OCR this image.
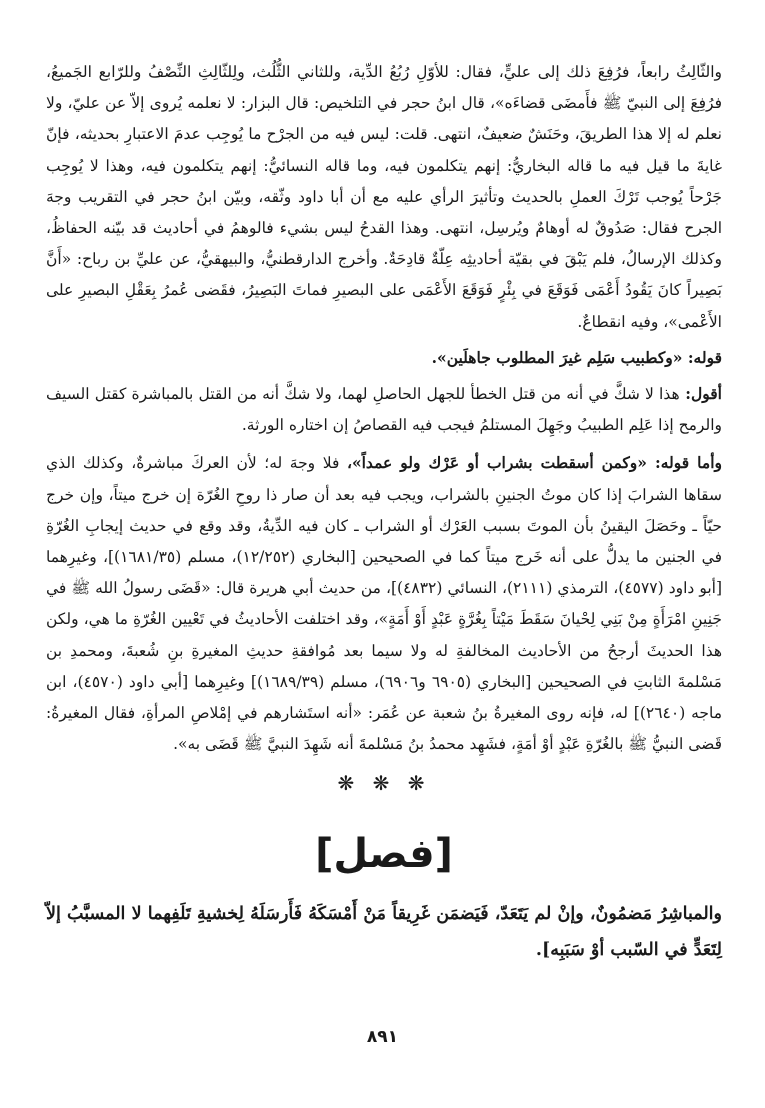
والثّالِثُ رابعاً، فرُفِعَ ذلك إلى عليٍّ، فقال: للأوّلِ رُبُعُ الدِّية، وللثاني الثُّلُث، ولِلثّالِثِ النِّصْفُ وللرّابع الجَميعُ، فرُفِعَ إلى النبيّ ﷺ فأَمضَى قضاءَه»، قال ابنُ حجر في التلخيص: قال البزار: لا نعلمه يُروى إلاّ عن عليّ، ولا نعلم له إلا هذا الطريقَ، وحَنَشٌ ضعيفٌ، انتهى. قلت: ليس فيه من الجرْح ما يُوجِب عدمَ الاعتبارِ بحديثه، فإنّ غايةَ ما قيل فيه ما قاله البخاريُّ: إنهم يتكلمون فيه، وما قاله النسائيُّ: إنهم يتكلمون فيه، وهذا لا يُوجِب جَرْحاً يُوجب تَرْكَ العملِ بالحديث وتأثيرَ الرأي عليه مع أن أبا داود وثّقه، وبيّن ابنُ حجر في التقريب وجهَ الجرح فقال: صَدُوقٌ له أوهامٌ ويُرسِل، انتهى. وهذا القدحُ ليس بشيء فالوهمُ في أحاديث قد بيّنه الحفاظُ، وكذلك الإرسالُ، فلم يَبْقَ في بقيّة أحاديثِه عِلّةٌ قادِحَةٌ. وأخرج الدارقطنيُّ، والبيهقيُّ، عن عليِّ بن رباح: «أَنَّ بَصِيراً كانَ يَقُودُ أَعْمَى فَوَقَعَ في بِئْرٍ فَوَقَعَ الأَعْمَى على البصيرِ فماتَ البَصِيرُ، فقَضى عُمرُ بِعَقْلِ البصيرِ على الأَعْمى»، وفيه انقطاعٌ.

قوله: «وكطبيب سَلِم غيرَ المطلوب جاهلَين».

أقول: هذا لا شكَّ في أنه من قتل الخطأ للجهل الحاصلِ لهما، ولا شكَّ أنه من القتل بالمباشرة كقتل السيف والرمح إذا عَلِم الطبيبُ وجَهِلَ المستلمُ فيجب فيه القصاصُ إن اختاره الورثة.

وأما قوله: «وكمن أسقطت بشراب أو عَرْك ولو عمداً»، فلا وجهَ له؛ لأن العركَ مباشرةٌ، وكذلك الذي سقاها الشرابَ إذا كان موتُ الجنينِ بالشراب، ويجب فيه بعد أن صار ذا روحِ الغُرّة إن خرج ميتاً، وإن خرج حيّاً ـ وحَصَلَ اليقينُ بأن الموتَ بسبب العَرْك أو الشراب ـ كان فيه الدِّيةُ، وقد وقع في حديث إيجابِ الغُرّةِ في الجنين ما يدلُّ على أنه خَرج ميتاً كما في الصحيحين [البخاري (١٢/٢٥٢)، مسلم (١٦٨١/٣٥)]، وغيرِهما [أبو داود (٤٥٧٧)، الترمذي (٢١١١)، النسائي (٤٨٣٢)]، من حديث أبي هريرة قال: «قَضَى رسولُ الله ﷺ في جَنِينِ امْرَأَةٍ مِنْ بَنِي لِحْيانَ سَقَطَ مَيْتاً بِغُرَّةٍ عَبْدٍ أَوْ أَمَةٍ»، وقد اختلفت الأحاديثُ في تَعْيين الغُرّةِ ما هي، ولكن هذا الحديثَ أرجحُ من الأحاديث المخالفةِ له ولا سيما بعد مُوافقةِ حديثِ المغيرةِ بنِ شُعبةَ، ومحمدِ بن مَسْلمةَ الثابتِ في الصحيحين [البخاري (٦٩٠٥ و٦٩٠٦)، مسلم (١٦٨٩/٣٩)] وغيرِهما [أبي داود (٤٥٧٠)، ابن ماجه (٢٦٤٠)] له، فإنه روى المغيرةُ بنُ شعبة عن عُمَر: «أنه استَشارهم في إمْلاصِ المرأةِ، فقال المغيرةُ: قَضى النبيُّ ﷺ بالغُرّةِ عَبْدٍ أوْ أمَةٍ، فشَهِد محمدُ بنُ مَسْلمةَ أنه شَهِدَ النبيَّ ﷺ قَضَى به».

❋ ❋ ❋
[فصل]

والمباشِرُ مَضمُونٌ، وإنْ لم يَتَعَدّ، فَيَضمَن غَرِيقاً مَنْ أَمْسَكَهُ فَأَرسَلَهُ لِخشيةِ تَلَفِهما لا المسبَّبُ إلاّ لِتَعَدٍّ في السّبب أوْ سَبَبِه].

٨٩١
